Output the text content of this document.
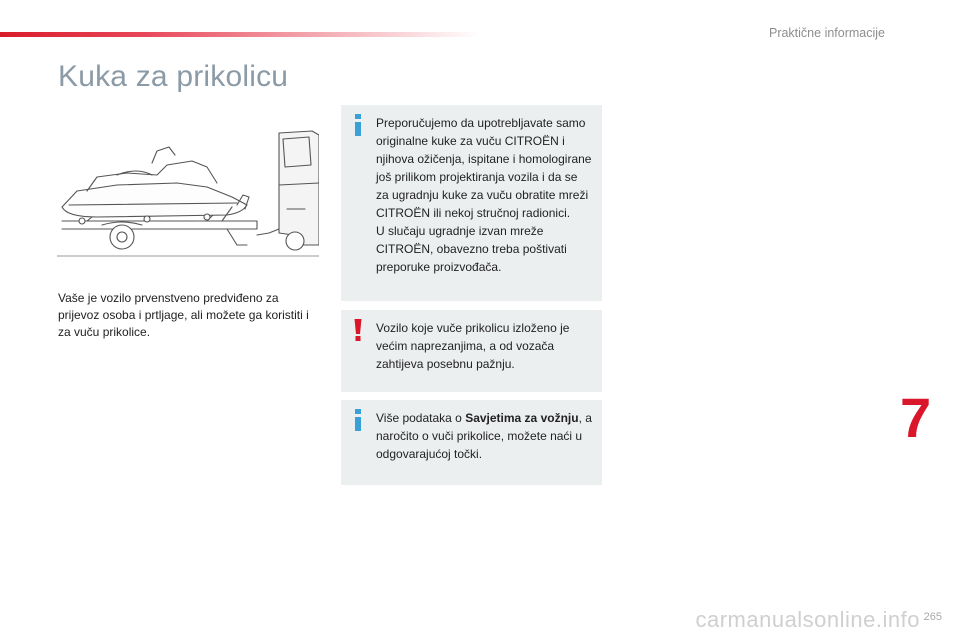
Praktične informacije
Kuka za prikolicu
Vaše je vozilo prvenstveno predviđeno za prijevoz osoba i prtljage, ali možete ga koristiti i za vuču prikolice.

Preporučujemo da upotrebljavate samo originalne kuke za vuču CITROËN i njihova ožičenja, ispitane i homologirane još prilikom projektiranja vozila i da se za ugradnju kuke za vuču obratite mreži CITROËN ili nekoj stručnoj radionici.

U slučaju ugradnje izvan mreže CITROËN, obavezno treba poštivati preporuke proizvođača.

Vozilo koje vuče prikolicu izloženo je većim naprezanjima, a od vozača zahtijeva posebnu pažnju.
Više podataka o Savjetima za vožnju, a naročito o vuči prikolice, možete naći u odgovarajućoj točki.
7
265
carmanualsonline.info
